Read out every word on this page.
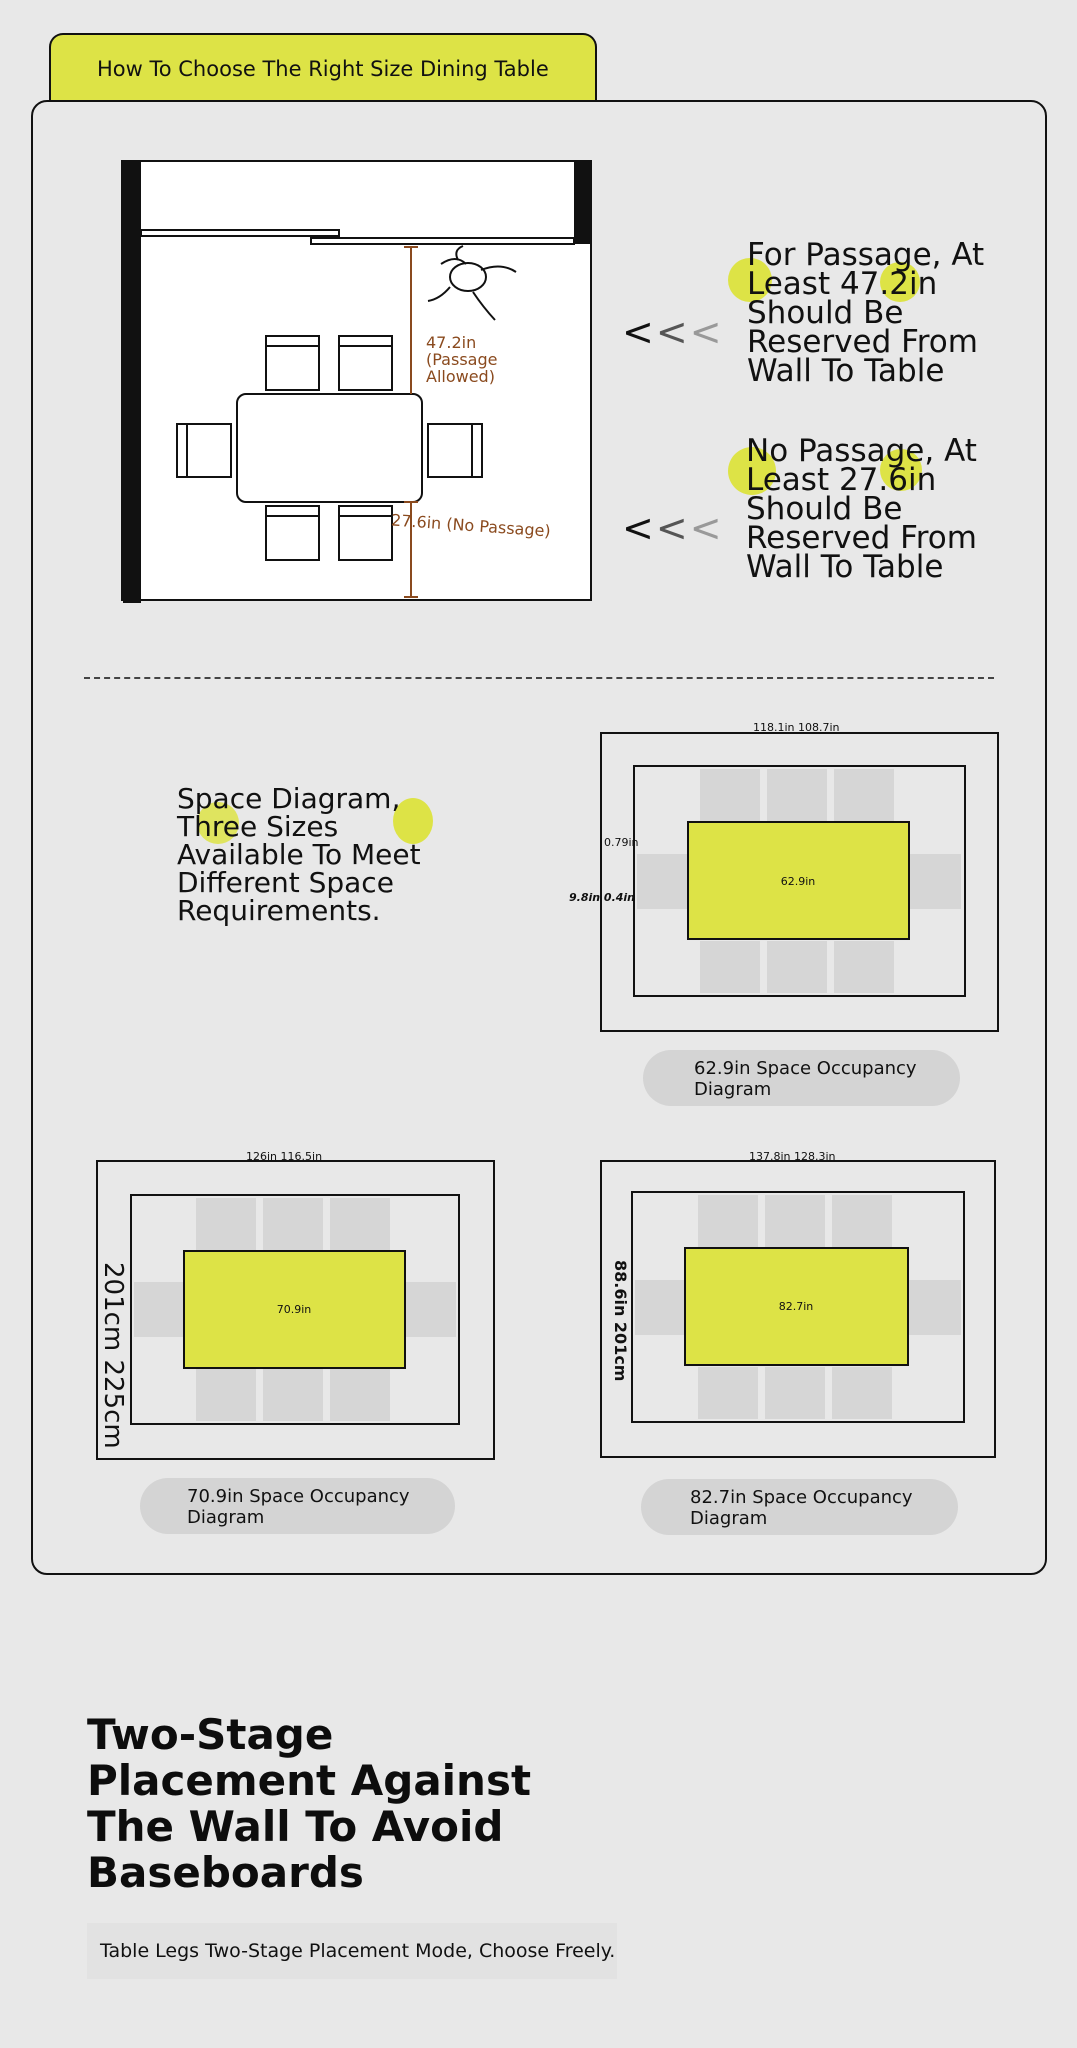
How To Choose The Right Size Dining Table
47.2in
(Passage
Allowed)
27.6in (No Passage)
<<<
For Passage, At
Least 47.2in
Should Be
Reserved From
Wall To Table
<<<
No Passage, At
Least 27.6in
Should Be
Reserved From
Wall To Table
Space Diagram,
Three Sizes
Available To Meet
Different Space
Requirements.
62.9in
118.1in 108.7in
0.79in
9.8in 0.4in
62.9in Space Occupancy
Diagram
70.9in
126in 116.5in
201cm 225cm
70.9in Space Occupancy
Diagram
82.7in
137.8in 128.3in
88.6in 201cm
82.7in Space Occupancy
Diagram
Two-Stage
Placement Against
The Wall To Avoid
Baseboards
Table Legs Two-Stage Placement Mode, Choose Freely.
